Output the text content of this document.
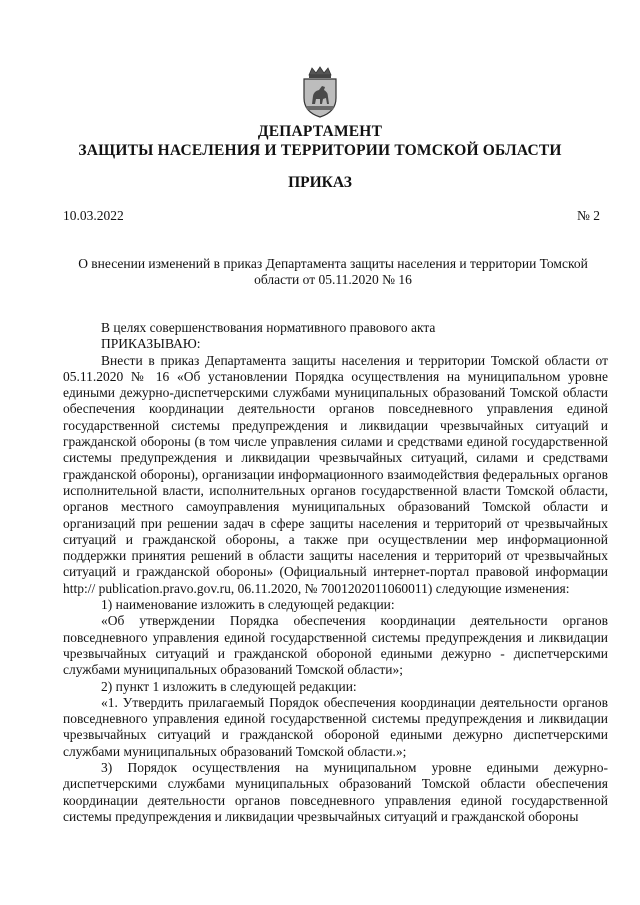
ДЕПАРТАМЕНТ
ЗАЩИТЫ НАСЕЛЕНИЯ И ТЕРРИТОРИИ ТОМСКОЙ ОБЛАСТИ
ПРИКАЗ
10.03.2022	№ 2
О внесении изменений в приказ Департамента защиты населения и территории Томской области от 05.11.2020 № 16

В целях совершенствования нормативного правового акта

ПРИКАЗЫВАЮ:

Внести в приказ Департамента защиты населения и территории Томской области от 05.11.2020 № 16 «Об установлении Порядка осуществления на муниципальном уровне едиными дежурно-диспетчерскими службами муниципальных образований Томской области обеспечения координации деятельности органов повседневного управления единой государственной системы предупреждения и ликвидации чрезвычайных ситуаций и гражданской обороны (в том числе управления силами и средствами единой государственной системы предупреждения и ликвидации чрезвычайных ситуаций, силами и средствами гражданской обороны), организации информационного взаимодействия федеральных органов исполнительной власти, исполнительных органов государственной власти Томской области, органов местного самоуправления муниципальных образований Томской области и организаций при решении задач в сфере защиты населения и территорий от чрезвычайных ситуаций и гражданской обороны, а также при осуществлении мер информационной поддержки принятия решений в области защиты населения и территорий от чрезвычайных ситуаций и гражданской обороны» (Официальный интернет-портал правовой информации http:// publication.pravo.gov.ru, 06.11.2020, № 7001202011060011) следующие изменения:

1) наименование изложить в следующей редакции:

«Об утверждении Порядка обеспечения координации деятельности органов повседневного управления единой государственной системы предупреждения и ликвидации чрезвычайных ситуаций и гражданской обороной едиными дежурно - диспетчерскими службами муниципальных образований Томской области»;

2) пункт 1 изложить в следующей редакции:

«1. Утвердить прилагаемый Порядок обеспечения координации деятельности органов повседневного управления единой государственной системы предупреждения и ликвидации чрезвычайных ситуаций и гражданской обороной едиными дежурно диспетчерскими службами муниципальных образований Томской области.»;

3) Порядок осуществления на муниципальном уровне едиными дежурно-диспетчерскими службами муниципальных образований Томской области обеспечения координации деятельности органов повседневного управления единой государственной системы предупреждения и ликвидации чрезвычайных ситуаций и гражданской обороны
